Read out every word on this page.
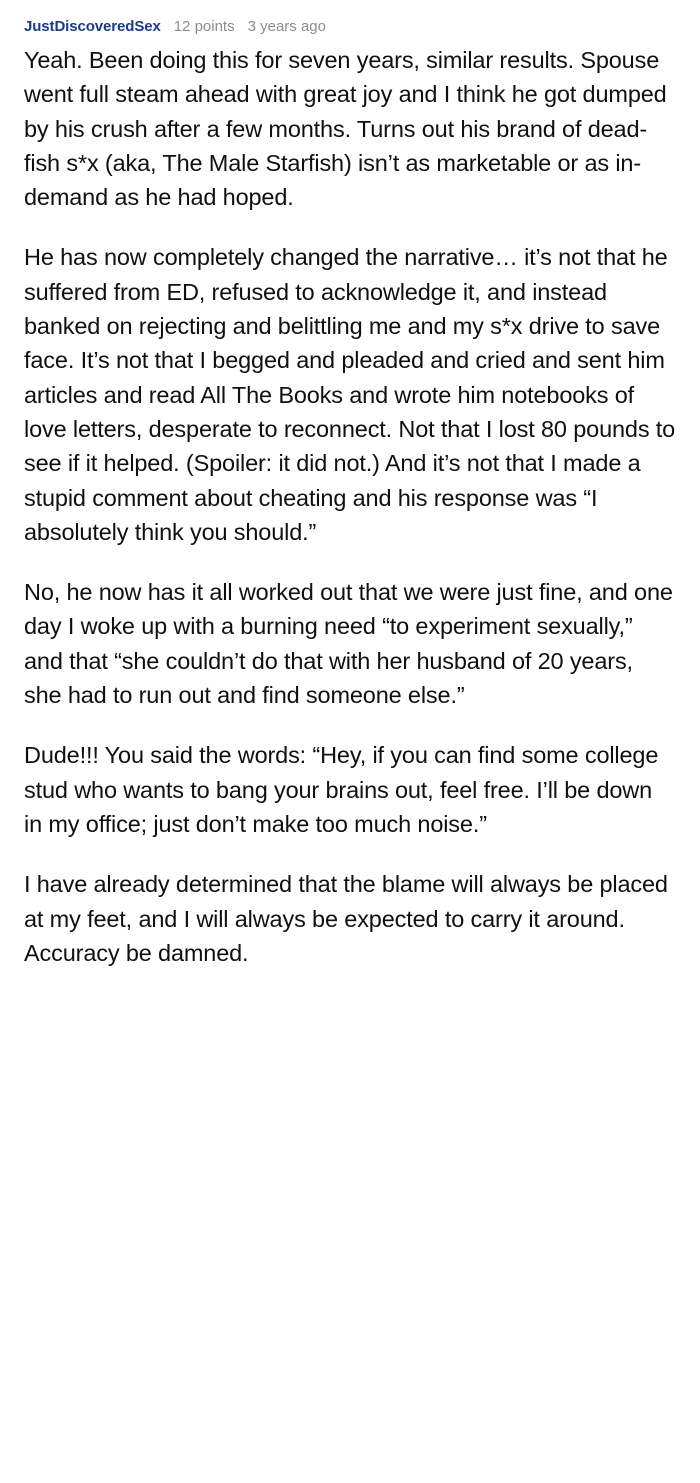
JustDiscoveredSex 12 points 3 years ago

Yeah. Been doing this for seven years, similar results. Spouse went full steam ahead with great joy and I think he got dumped by his crush after a few months. Turns out his brand of dead-fish s*x (aka, The Male Starfish) isn’t as marketable or as in-demand as he had hoped.

He has now completely changed the narrative… it’s not that he suffered from ED, refused to acknowledge it, and instead banked on rejecting and belittling me and my s*x drive to save face. It’s not that I begged and pleaded and cried and sent him articles and read All The Books and wrote him notebooks of love letters, desperate to reconnect. Not that I lost 80 pounds to see if it helped. (Spoiler: it did not.) And it’s not that I made a stupid comment about cheating and his response was “I absolutely think you should.”

No, he now has it all worked out that we were just fine, and one day I woke up with a burning need “to experiment sexually,” and that “she couldn’t do that with her husband of 20 years, she had to run out and find someone else.”

Dude!!! You said the words: “Hey, if you can find some college stud who wants to bang your brains out, feel free. I’ll be down in my office; just don’t make too much noise.”

I have already determined that the blame will always be placed at my feet, and I will always be expected to carry it around. Accuracy be damned.
